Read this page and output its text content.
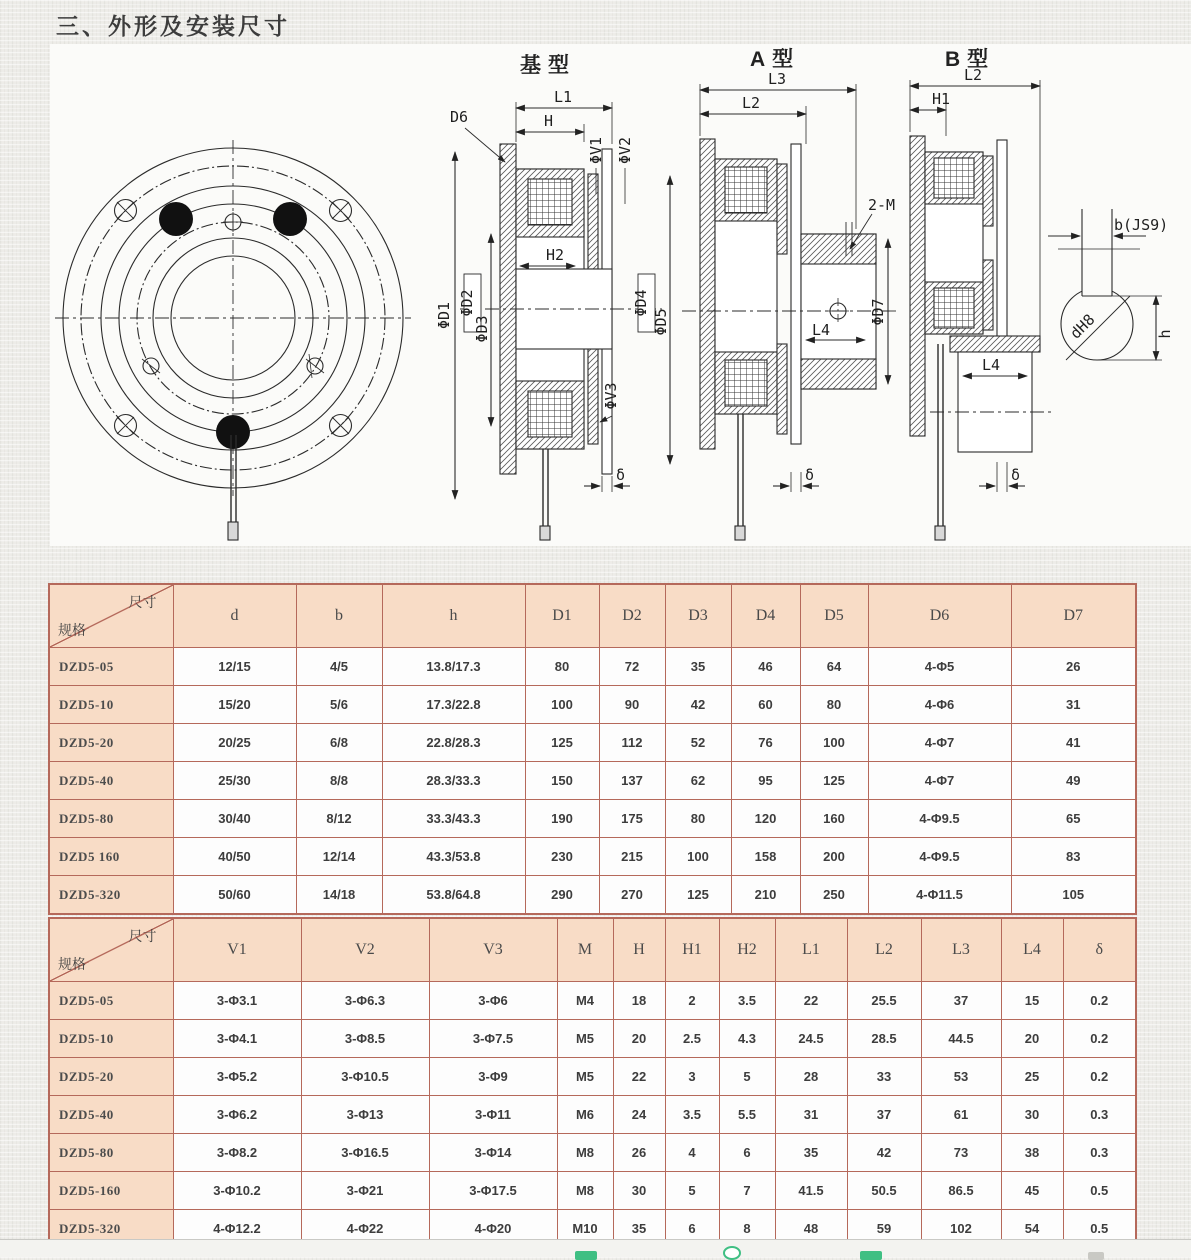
三、外形及安装尺寸
基型
L1
H
D6
ΦV1 ΦV2
H2
ΦD1 ΦD2
ΦD3
ΦD4
ΦD5
ΦV3
δ
A型
L3
L2
2-M
L4
ΦD7
δ
B型
L2
H1
L4
δ
b(JS9)
dH8	h
尺寸
规格	d	b	h	D1	D2	D3	D4	D5	D6	D7
DZD5-05	12/15	4/5	13.8/17.3	80	72	35	46	64	4-Φ5	26
DZD5-10	15/20	5/6	17.3/22.8	100	90	42	60	80	4-Φ6	31
DZD5-20	20/25	6/8	22.8/28.3	125	112	52	76	100	4-Φ7	41
DZD5-40	25/30	8/8	28.3/33.3	150	137	62	95	125	4-Φ7	49
DZD5-80	30/40	8/12	33.3/43.3	190	175	80	120	160	4-Φ9.5	65
DZD5 160	40/50	12/14	43.3/53.8	230	215	100	158	200	4-Φ9.5	83
DZD5-320	50/60	14/18	53.8/64.8	290	270	125	210	250	4-Φ11.5	105
尺寸
规格	V1	V2	V3	M	H	H1	H2	L1	L2	L3	L4	δ
DZD5-05	3-Φ3.1	3-Φ6.3	3-Φ6	M4	18	2	3.5	22	25.5	37	15	0.2
DZD5-10	3-Φ4.1	3-Φ8.5	3-Φ7.5	M5	20	2.5	4.3	24.5	28.5	44.5	20	0.2
DZD5-20	3-Φ5.2	3-Φ10.5	3-Φ9	M5	22	3	5	28	33	53	25	0.2
DZD5-40	3-Φ6.2	3-Φ13	3-Φ11	M6	24	3.5	5.5	31	37	61	30	0.3
DZD5-80	3-Φ8.2	3-Φ16.5	3-Φ14	M8	26	4	6	35	42	73	38	0.3
DZD5-160	3-Φ10.2	3-Φ21	3-Φ17.5	M8	30	5	7	41.5	50.5	86.5	45	0.5
DZD5-320	4-Φ12.2	4-Φ22	4-Φ20	M10	35	6	8	48	59	102	54	0.5
